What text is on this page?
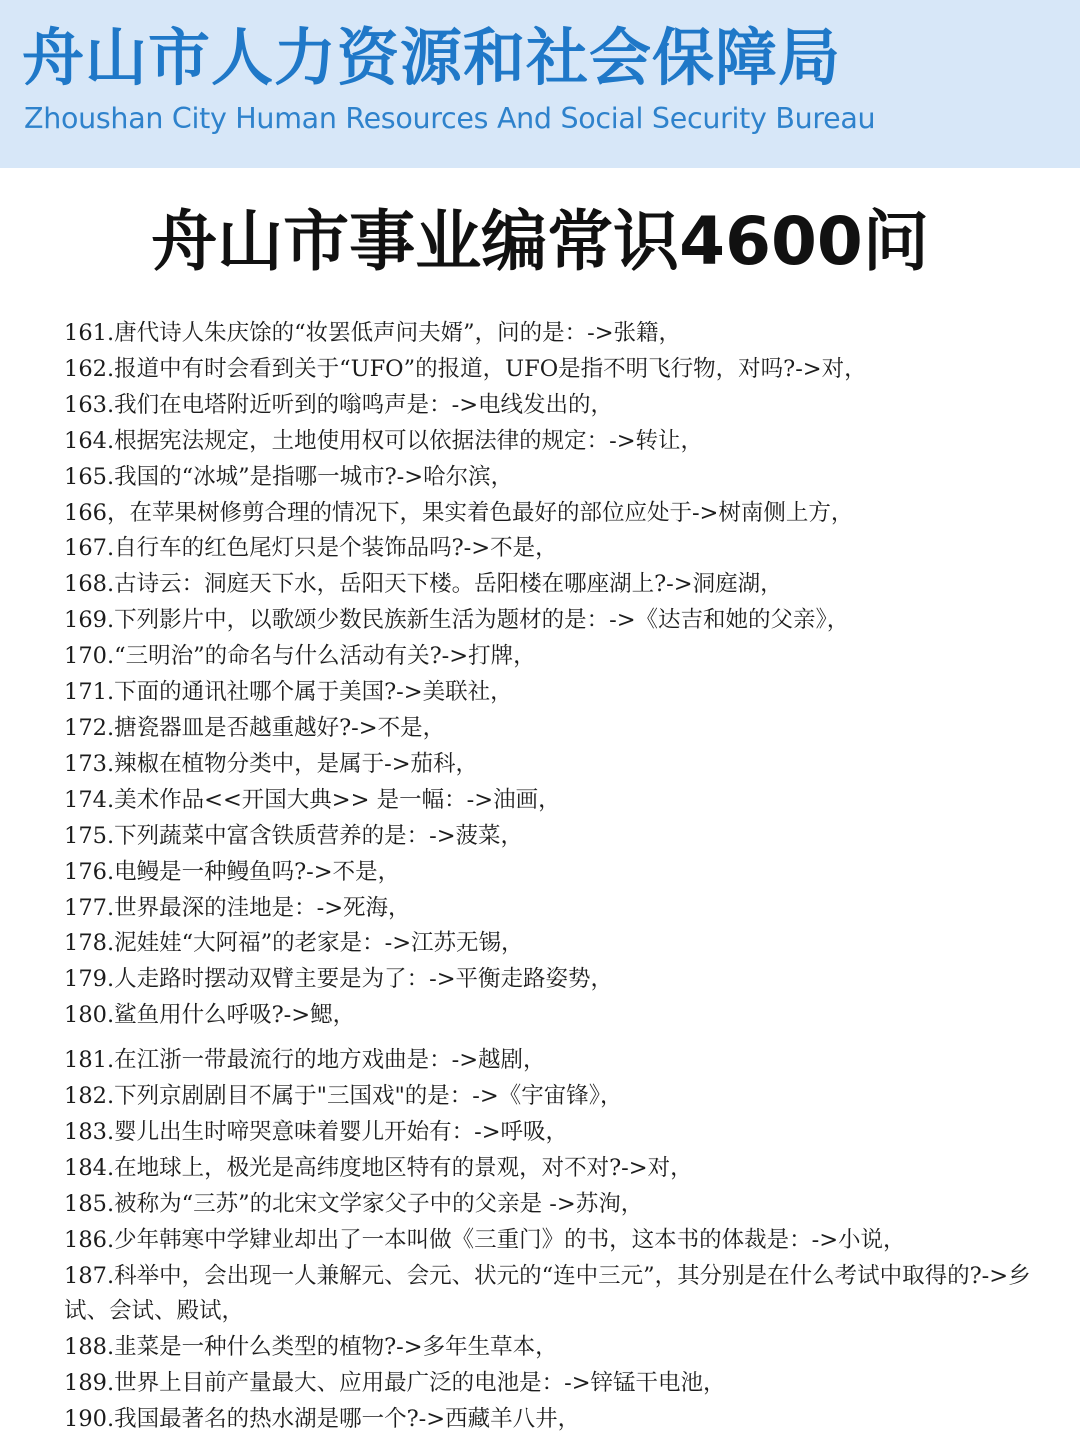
舟山市人力资源和社会保障局
Zhoushan City Human Resources And Social Security Bureau
舟山市事业编常识4600问
161.唐代诗人朱庆馀的“妆罢低声问夫婿”，问的是：->张籍，
162.报道中有时会看到关于“UFO”的报道，UFO是指不明飞行物，对吗?->对，
163.我们在电塔附近听到的嗡鸣声是：->电线发出的，
164.根据宪法规定，土地使用权可以依据法律的规定：->转让，
165.我国的“冰城”是指哪一城市?->哈尔滨，
166，在苹果树修剪合理的情况下，果实着色最好的部位应处于->树南侧上方，
167.自行车的红色尾灯只是个装饰品吗?->不是，
168.古诗云：洞庭天下水，岳阳天下楼。岳阳楼在哪座湖上?->洞庭湖，
169.下列影片中，以歌颂少数民族新生活为题材的是：->《达吉和她的父亲》，
170.“三明治”的命名与什么活动有关?->打牌，
171.下面的通讯社哪个属于美国?->美联社，
172.搪瓷器皿是否越重越好?->不是，
173.辣椒在植物分类中，是属于->茄科，
174.美术作品<<开国大典>> 是一幅：->油画，
175.下列蔬菜中富含铁质营养的是：->菠菜，
176.电鳗是一种鳗鱼吗?->不是，
177.世界最深的洼地是：->死海，
178.泥娃娃“大阿福”的老家是：->江苏无锡，
179.人走路时摆动双臂主要是为了：->平衡走路姿势，
180.鲨鱼用什么呼吸?->鳃，
181.在江浙一带最流行的地方戏曲是：->越剧，
182.下列京剧剧目不属于"三国戏"的是：->《宇宙锋》，
183.婴儿出生时啼哭意味着婴儿开始有：->呼吸，
184.在地球上，极光是高纬度地区特有的景观，对不对?->对，
185.被称为“三苏”的北宋文学家父子中的父亲是 ->苏洵，
186.少年韩寒中学肄业却出了一本叫做《三重门》的书，这本书的体裁是：->小说，
187.科举中，会出现一人兼解元、会元、状元的“连中三元”，其分别是在什么考试中取得的?->乡试、会试、殿试，
188.韭菜是一种什么类型的植物?->多年生草本，
189.世界上目前产量最大、应用最广泛的电池是：->锌锰干电池，
190.我国最著名的热水湖是哪一个?->西藏羊八井，
